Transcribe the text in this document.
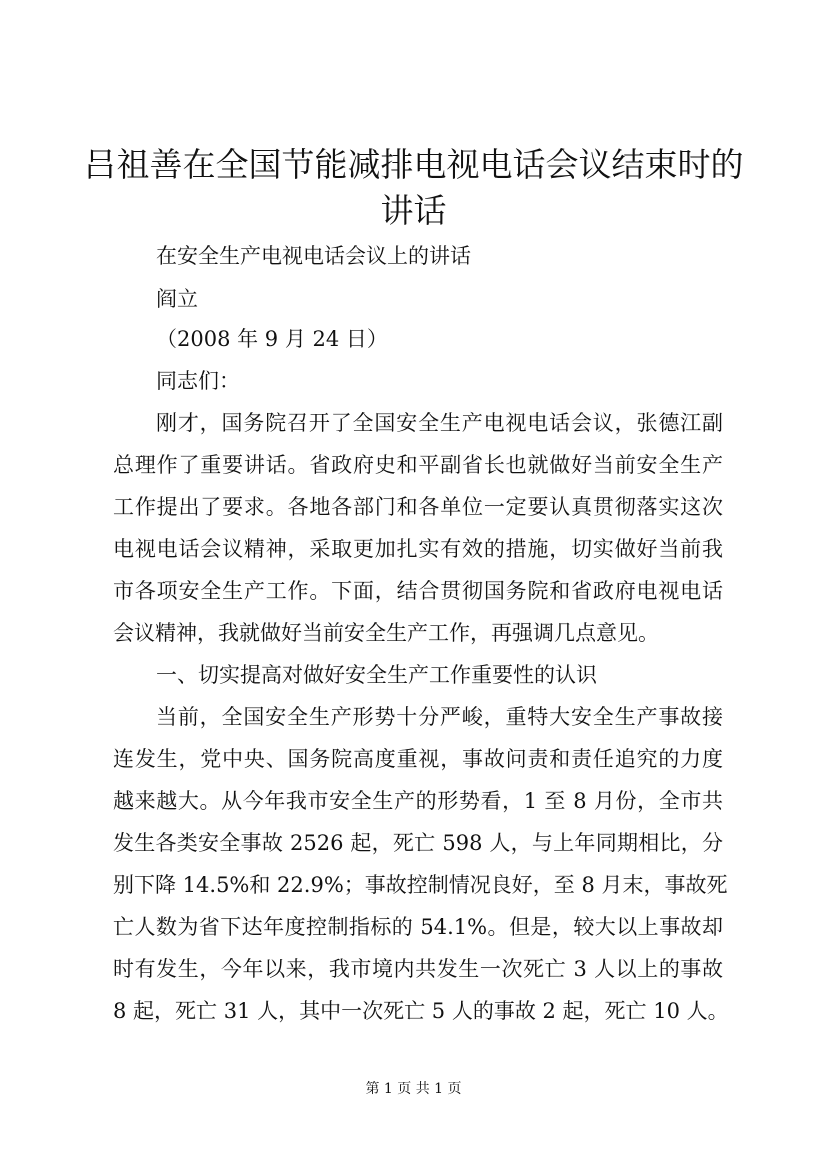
吕祖善在全国节能减排电视电话会议结束时的
讲话
在安全生产电视电话会议上的讲话
阎立
（2008 年 9 月 24 日）
同志们：
刚才，国务院召开了全国安全生产电视电话会议，张德江副
总理作了重要讲话。省政府史和平副省长也就做好当前安全生产
工作提出了要求。各地各部门和各单位一定要认真贯彻落实这次
电视电话会议精神，采取更加扎实有效的措施，切实做好当前我
市各项安全生产工作。下面，结合贯彻国务院和省政府电视电话
会议精神，我就做好当前安全生产工作，再强调几点意见。
一、切实提高对做好安全生产工作重要性的认识
当前，全国安全生产形势十分严峻，重特大安全生产事故接
连发生，党中央、国务院高度重视，事故问责和责任追究的力度
越来越大。从今年我市安全生产的形势看，1 至 8 月份，全市共
发生各类安全事故 2526 起，死亡 598 人，与上年同期相比，分
别下降 14.5%和 22.9%；事故控制情况良好，至 8 月末，事故死
亡人数为省下达年度控制指标的 54.1%。但是，较大以上事故却
时有发生，今年以来，我市境内共发生一次死亡 3 人以上的事故
8 起，死亡 31 人，其中一次死亡 5 人的事故 2 起，死亡 10 人。
第 1 页 共 1 页
